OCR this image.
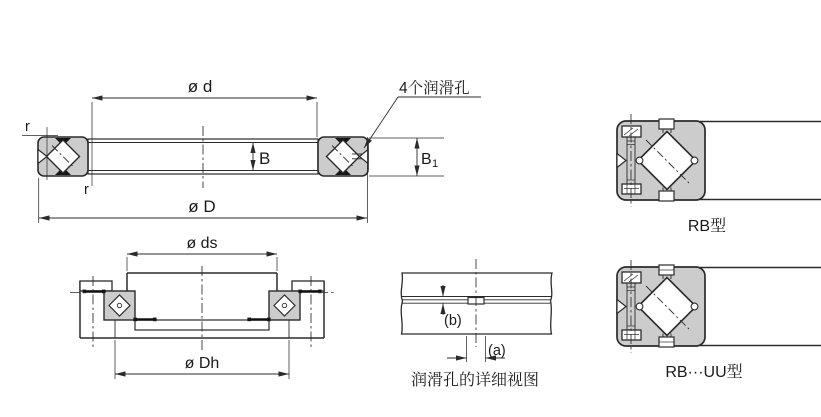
ø d
ø D
B	B 1
r
r
4个润滑孔
ø ds
ø Dh
(b)
(a)
润滑孔的详细视图
RB型
RB···UU型
